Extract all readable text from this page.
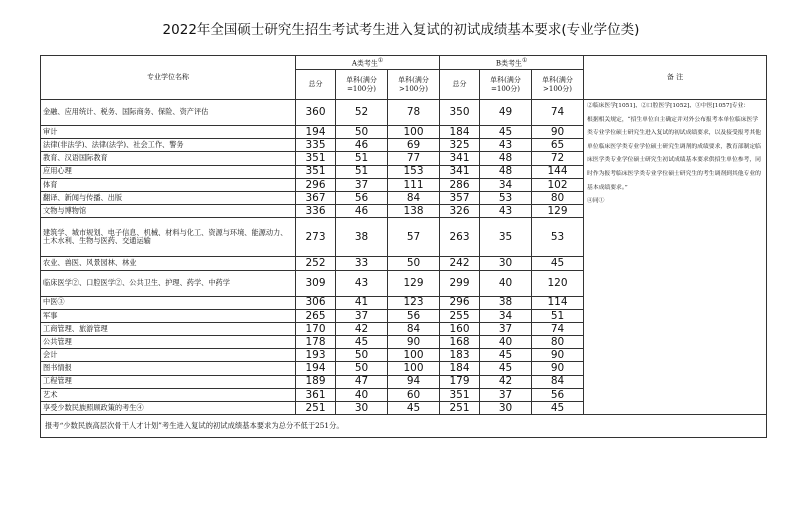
2022年全国硕士研究生招生考试考生进入复试的初试成绩基本要求(专业学位类)
专业学位名称	A类考生①			B类考生①			备 注
	总分	单科(满分=100分)	单科(满分>100分)	总分	单科(满分=100分)	单科(满分>100分)	
金融、应用统计、税务、国际商务、保险、资产评估	360	52	78	350	49	74	②临床医学[1051]、②口腔医学[1052]、③中医[1057]专业：
根据相关规定，“招生单位自主确定并对外公布报考本单位临床医学类专业学位硕士研究生进入复试的初试成绩要求，以及接受报考其他单位临床医学类专业学位硕士研究生调剂的成绩要求，教育部制定临床医学类专业学位硕士研究生初试成绩基本要求供招生单位参考，同时作为报考临床医学类专业学位硕士研究生的考生调剂到其他专业的基本成绩要求。”
④同①
审计	194	50	100	184	45	90	
法律(非法学)、法律(法学)、社会工作、警务	335	46	69	325	43	65	
教育、汉语国际教育	351	51	77	341	48	72	
应用心理	351	51	153	341	48	144	
体育	296	37	111	286	34	102	
翻译、新闻与传播、出版	367	56	84	357	53	80	
文物与博物馆	336	46	138	326	43	129	
建筑学、城市规划、电子信息、机械、材料与化工、资源与环境、能源动力、土木水利、生物与医药、交通运输	273	38	57	263	35	53	
农业、兽医、风景园林、林业	252	33	50	242	30	45	
临床医学②、口腔医学②、公共卫生、护理、药学、中药学	309	43	129	299	40	120	
中医③	306	41	123	296	38	114	
军事	265	37	56	255	34	51	
工商管理、旅游管理	170	42	84	160	37	74	
公共管理	178	45	90	168	40	80	
会计	193	50	100	183	45	90	
图书情报	194	50	100	184	45	90	
工程管理	189	47	94	179	42	84	
艺术	361	40	60	351	37	56	
享受少数民族照顾政策的考生④	251	30	45	251	30	45	
报考“少数民族高层次骨干人才计划”考生进入复试的初试成绩基本要求为总分不低于251分。							
